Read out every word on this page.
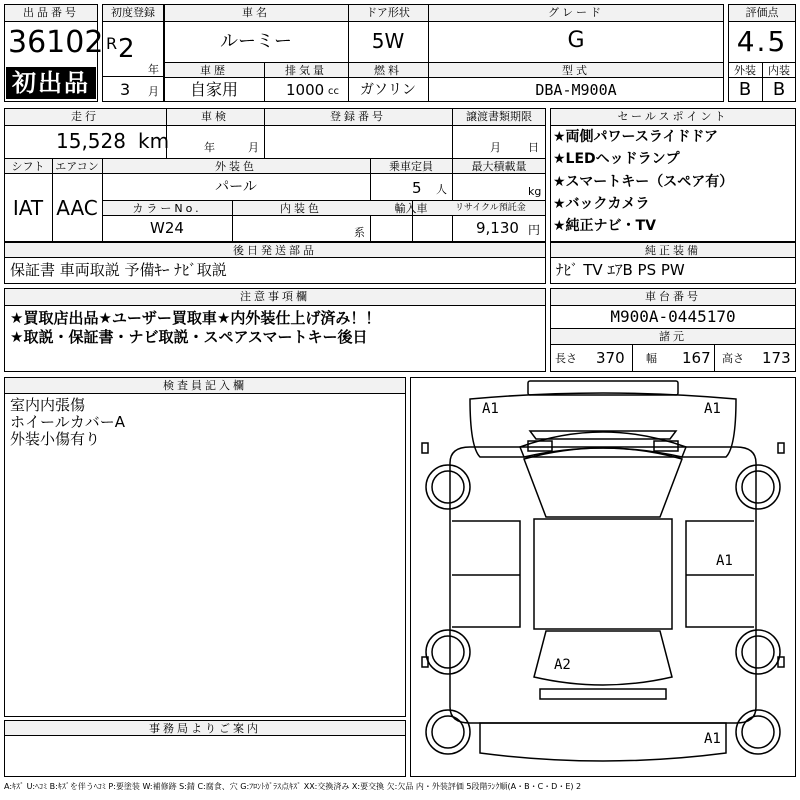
出品番号
36102
初出品
初度登録
R 2
年
3 月
車名
ルーミー
ドア形状
5W
グレード
G
車歴
自家用
排気量
1000 cc
燃料
ガソリン
型式
DBA-M900A
評価点
4.5
外装	内装
B	B
走行
15,528 km
車検
年	月
登録番号	譲渡書類期限
月 日
シフト
IAT
エアコン
AAC
外装色
パール
乗車定員
5 人
最大積載量
kg
カラーNo.
W24
内装色
系
輸入車	リサイクル預託金
9,130 円
セールスポイント
★両側パワースライドドア
★LEDヘッドランプ
★スマートキー（スペア有）
★バックカメラ
★純正ナビ・TV
後日発送部品
保証書 車両取説 予備ｷｰ ﾅﾋﾞ取説
純正装備
ﾅﾋﾞ TV ｴｱB PS PW
注意事項欄
★買取店出品★ユーザー買取車★内外装仕上げ済み！！
★取説・保証書・ナビ取説・スペアスマートキー後日
車台番号
M900A-0445170
諸元
長さ 370 幅 167 高さ 173
検査員記入欄
室内内張傷
ホイールカバーA
外装小傷有り
事務局よりご案内
A1	A1
A1
A2
A1
A:ｷｽﾞ U:ﾍｺﾐ B:ｷｽﾞを伴うﾍｺﾐ P:要塗装 W:補修跡 S:錆 C:腐食、穴 G:ﾌﾛﾝﾄｶﾞﾗｽ点ｷｽﾞ XX:交換済み X:要交換 欠:欠品 内・外装評価 5段階ﾗﾝｸ順(A・B・C・D・E) 2
